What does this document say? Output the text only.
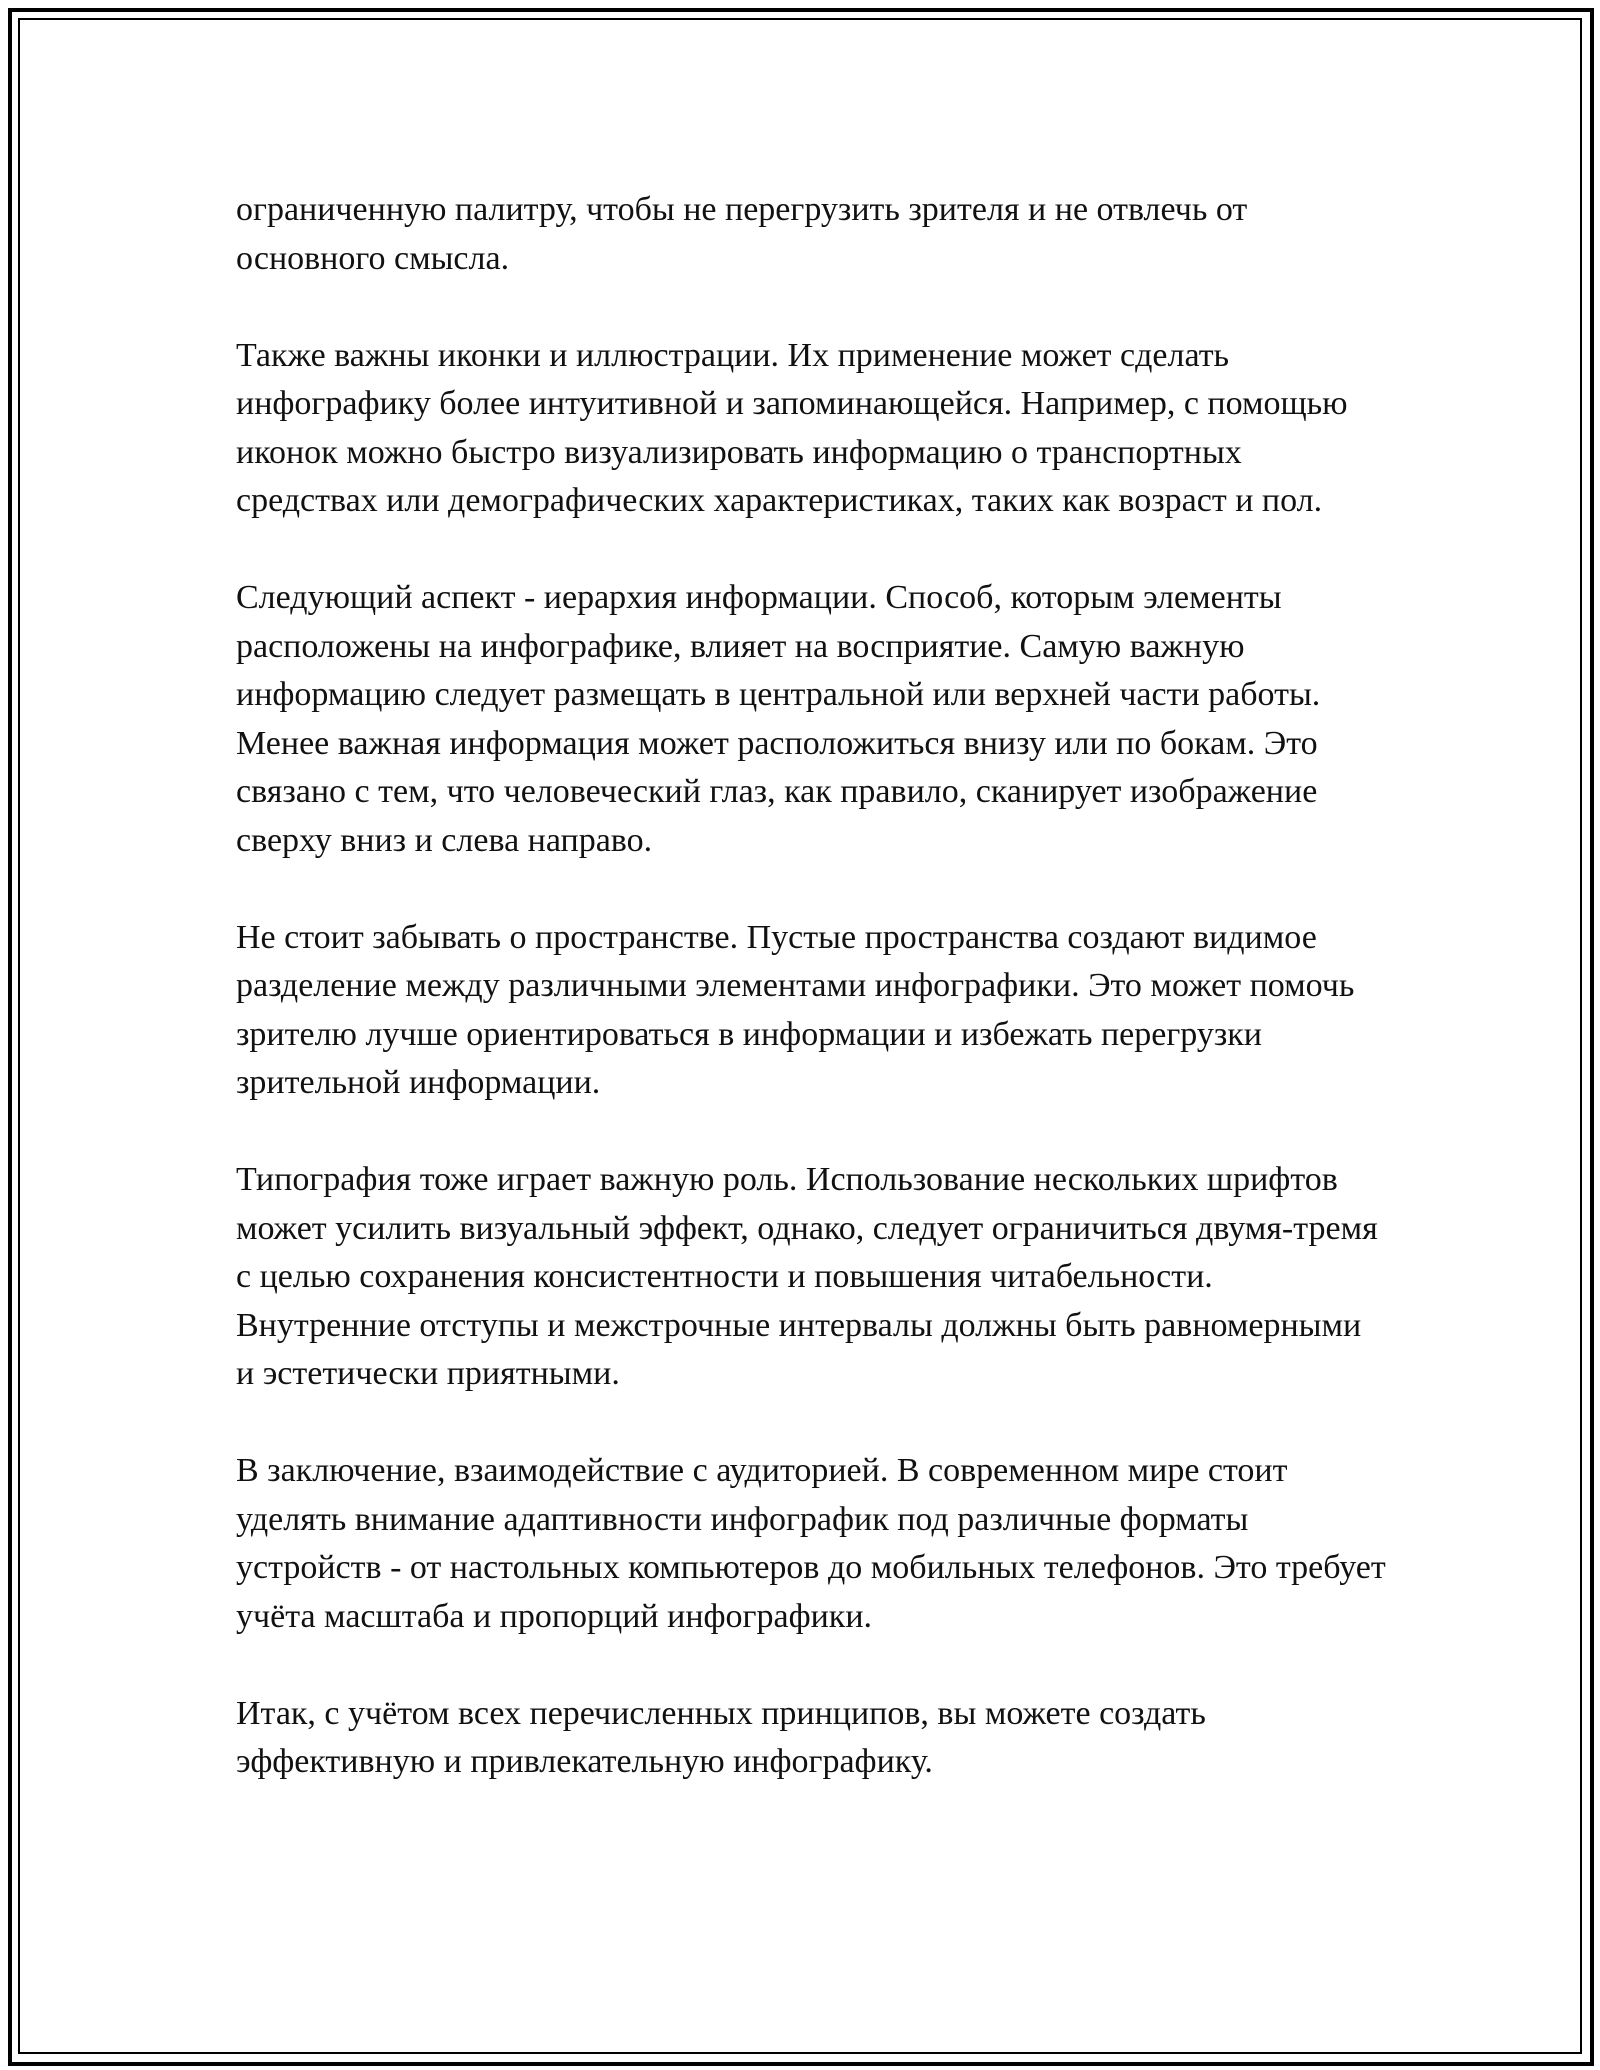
ограниченную палитру, чтобы не перегрузить зрителя и не отвлечь от основного смысла.

Также важны иконки и иллюстрации. Их применение может сделать инфографику более интуитивной и запоминающейся. Например, с помощью иконок можно быстро визуализировать информацию о транспортных средствах или демографических характеристиках, таких как возраст и пол.

Следующий аспект - иерархия информации. Способ, которым элементы расположены на инфографике, влияет на восприятие. Самую важную информацию следует размещать в центральной или верхней части работы. Менее важная информация может расположиться внизу или по бокам. Это связано с тем, что человеческий глаз, как правило, сканирует изображение сверху вниз и слева направо.

Не стоит забывать о пространстве. Пустые пространства создают видимое разделение между различными элементами инфографики. Это может помочь зрителю лучше ориентироваться в информации и избежать перегрузки зрительной информации.

Типография тоже играет важную роль. Использование нескольких шрифтов может усилить визуальный эффект, однако, следует ограничиться двумя-тремя с целью сохранения консистентности и повышения читабельности. Внутренние отступы и межстрочные интервалы должны быть равномерными и эстетически приятными.

В заключение, взаимодействие с аудиторией. В современном мире стоит уделять внимание адаптивности инфографик под различные форматы устройств - от настольных компьютеров до мобильных телефонов. Это требует учёта масштаба и пропорций инфографики.

Итак, с учётом всех перечисленных принципов, вы можете создать эффективную и привлекательную инфографику.
